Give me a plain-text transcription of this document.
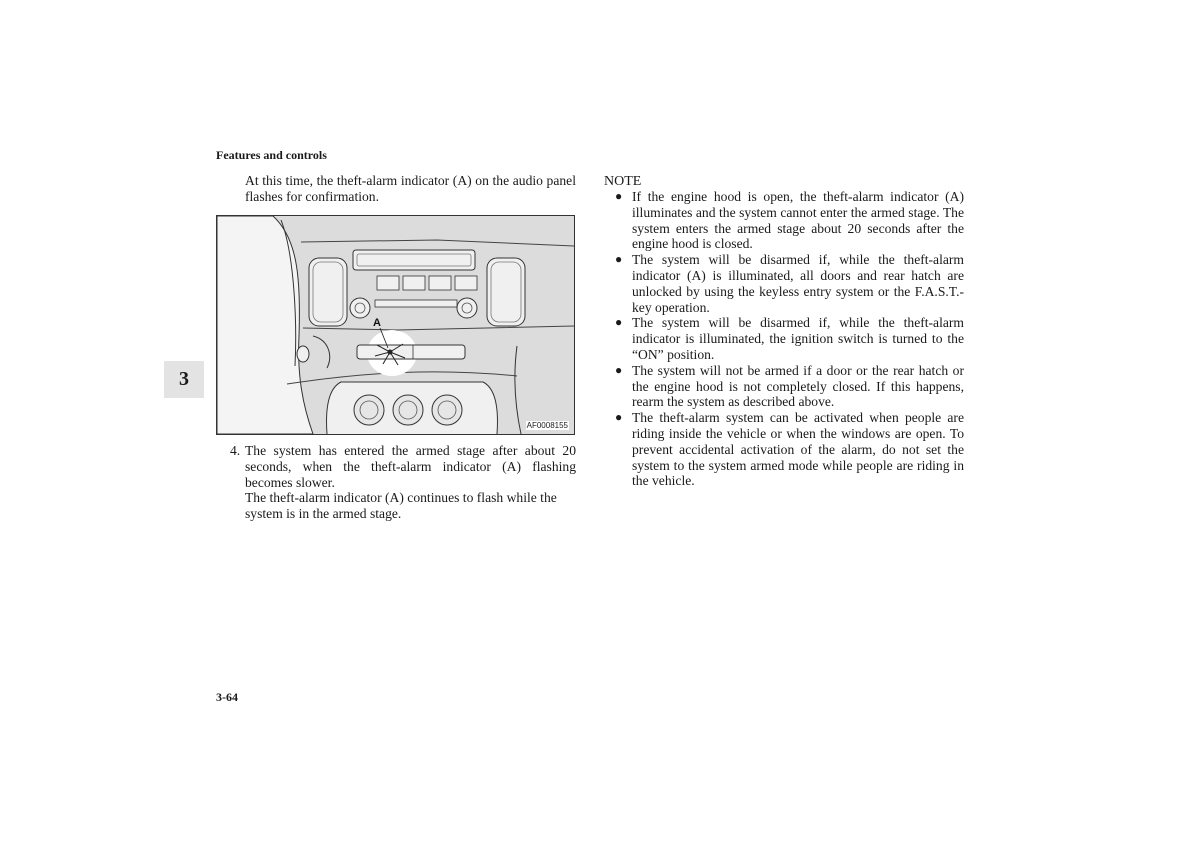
Features and controls
3

At this time, the theft-alarm indicator (A) on the audio panel flashes for confirmation.

A
AF0008155
4. The system has entered the armed stage after about 20 seconds, when the theft-alarm indicator (A) flashing becomes slower.

The theft-alarm indicator (A) continues to flash while the system is in the armed stage.

NOTE
● If the engine hood is open, the theft-alarm indicator (A) illuminates and the system cannot enter the armed stage. The system enters the armed stage about 20 seconds after the engine hood is closed.
● The system will be disarmed if, while the theft-alarm indicator (A) is illuminated, all doors and rear hatch are unlocked by using the keyless entry system or the F.A.S.T.-key operation.
● The system will be disarmed if, while the theft-alarm indicator is illuminated, the ignition switch is turned to the “ON” position.
● The system will not be armed if a door or the rear hatch or the engine hood is not completely closed. If this happens, rearm the system as described above.
● The theft-alarm system can be activated when people are riding inside the vehicle or when the windows are open. To prevent accidental activation of the alarm, do not set the system to the system armed mode while people are riding in the vehicle.
3-64
